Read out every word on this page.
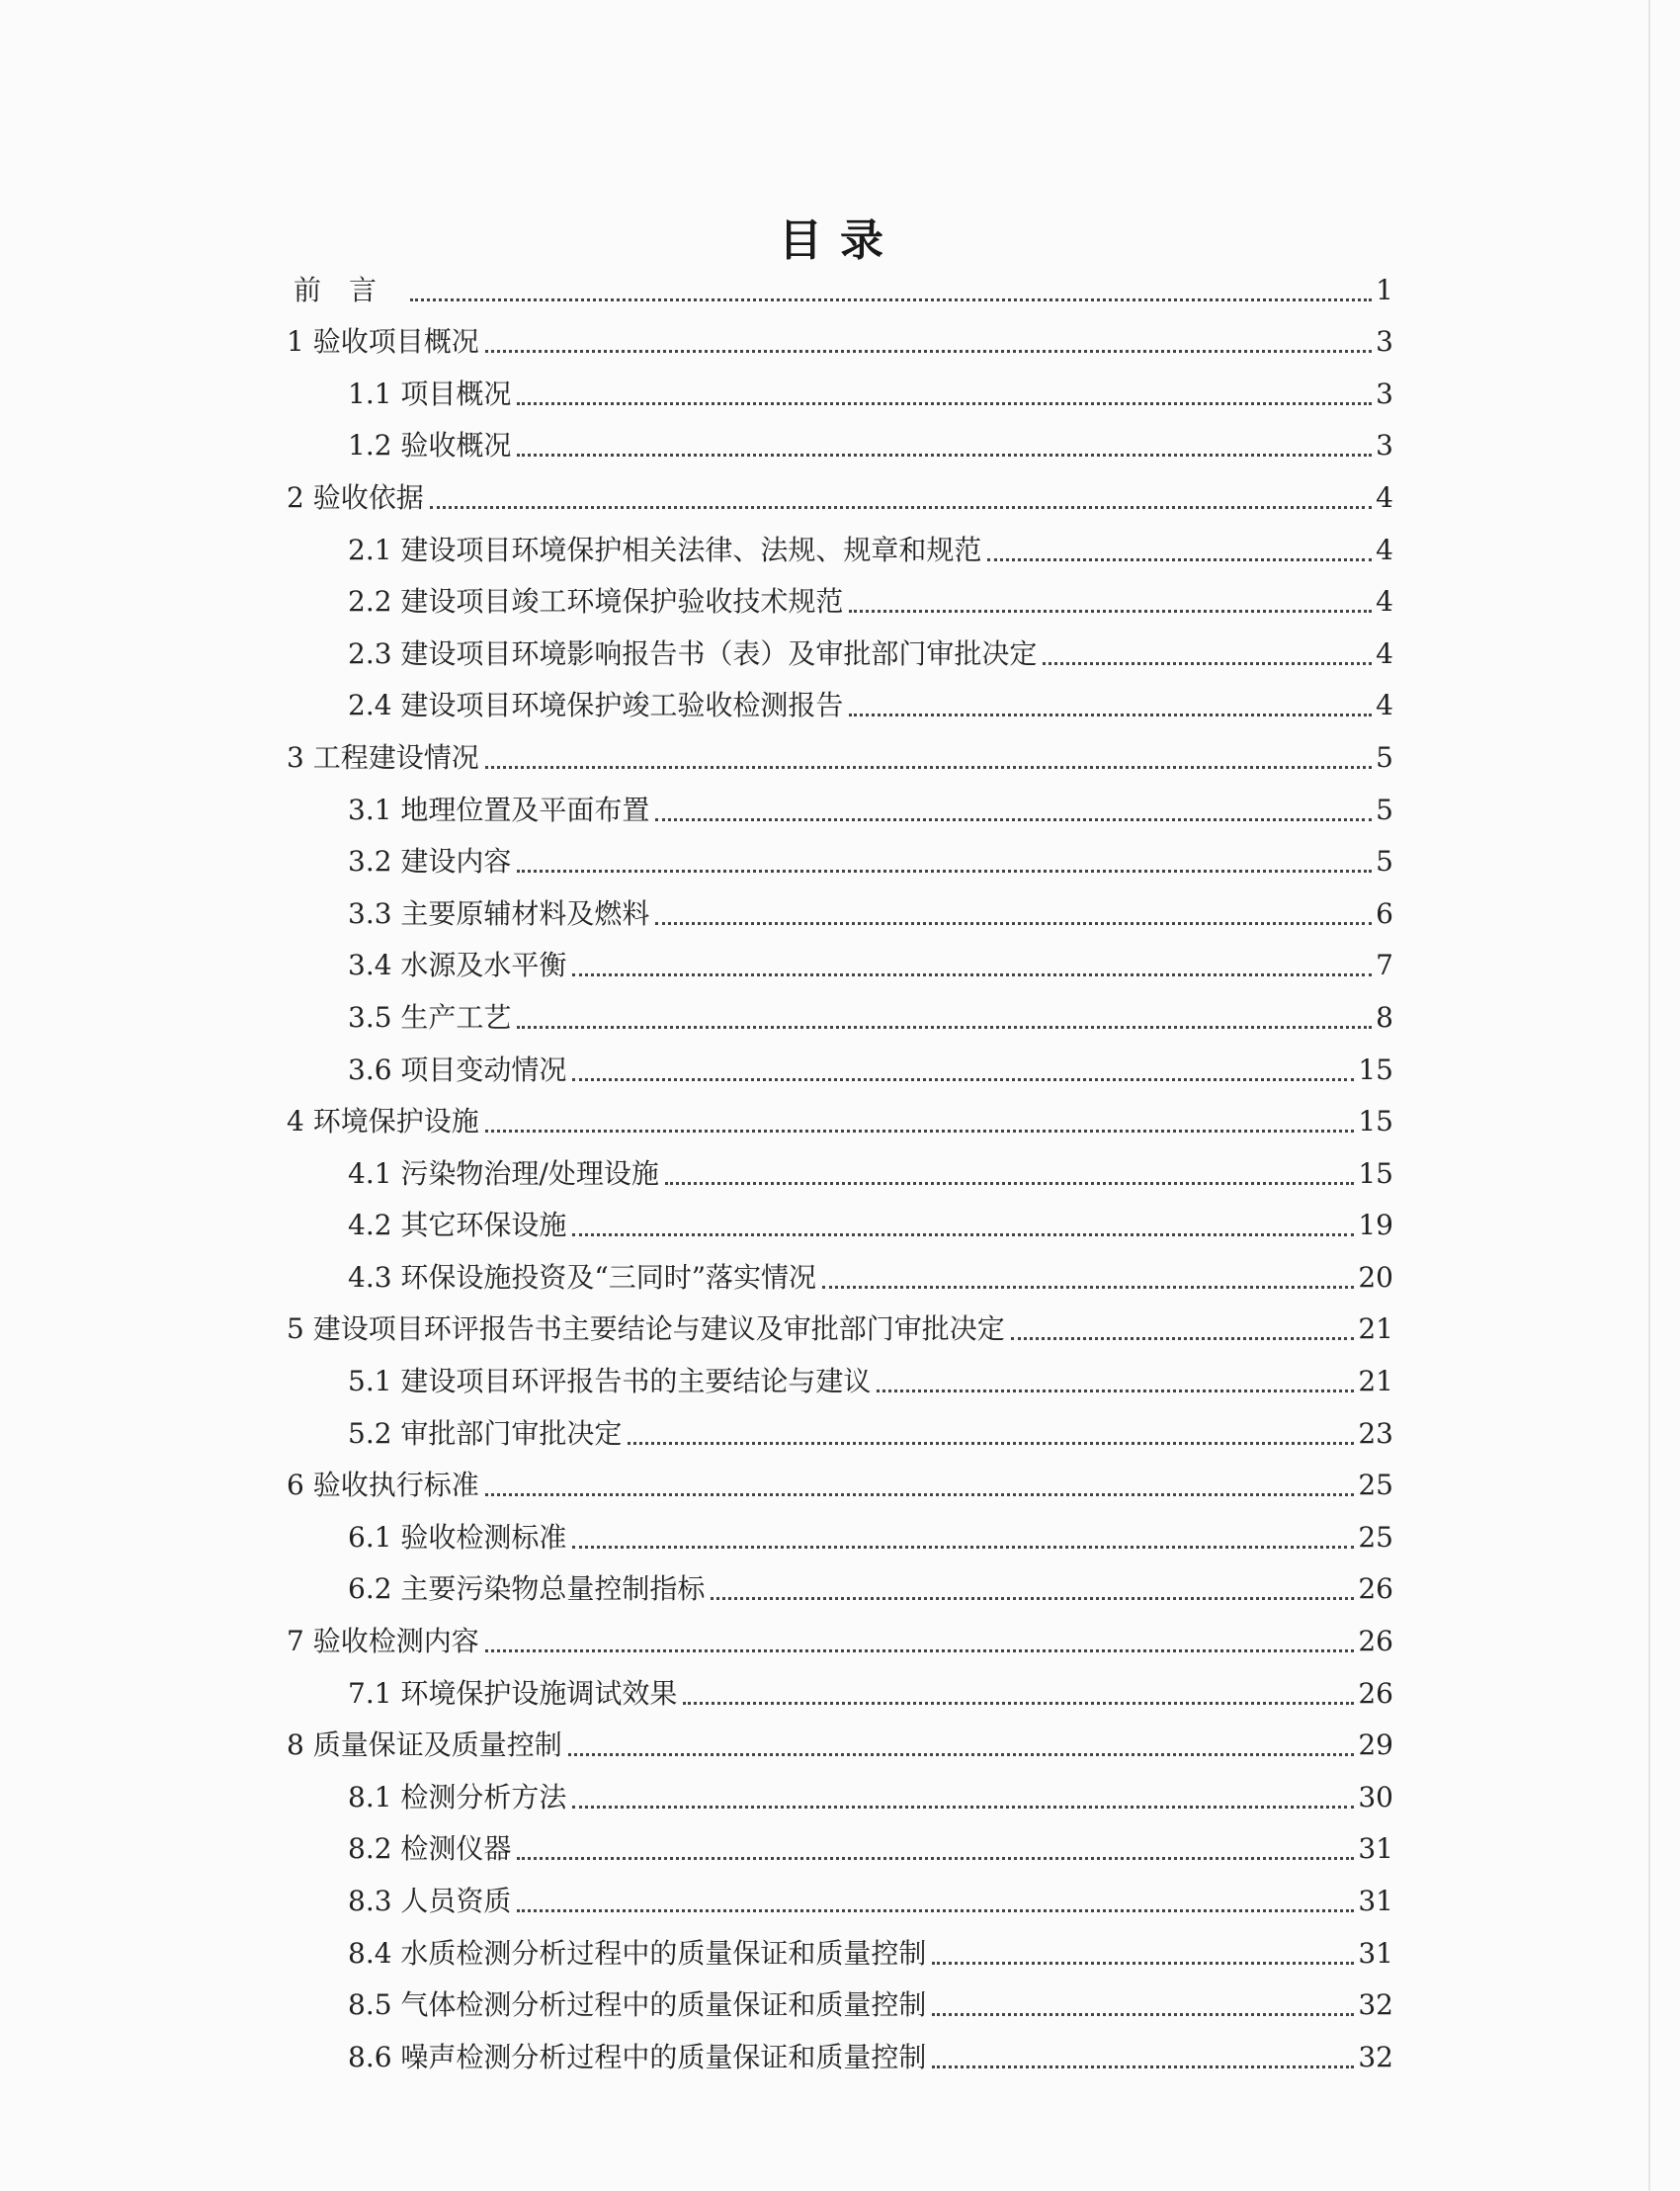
目录
前言	1
1 验收项目概况	3
1.1 项目概况	3
1.2 验收概况	3
2 验收依据	4
2.1 建设项目环境保护相关法律、法规、规章和规范	4
2.2 建设项目竣工环境保护验收技术规范	4
2.3 建设项目环境影响报告书（表）及审批部门审批决定	4
2.4 建设项目环境保护竣工验收检测报告	4
3 工程建设情况	5
3.1 地理位置及平面布置	5
3.2 建设内容	5
3.3 主要原辅材料及燃料	6
3.4 水源及水平衡	7
3.5 生产工艺	8
3.6 项目变动情况	15
4 环境保护设施	15
4.1 污染物治理/处理设施	15
4.2 其它环保设施	19
4.3 环保设施投资及“三同时”落实情况	20
5 建设项目环评报告书主要结论与建议及审批部门审批决定	21
5.1 建设项目环评报告书的主要结论与建议	21
5.2 审批部门审批决定	23
6 验收执行标准	25
6.1 验收检测标准	25
6.2 主要污染物总量控制指标	26
7 验收检测内容	26
7.1 环境保护设施调试效果	26
8 质量保证及质量控制	29
8.1 检测分析方法	30
8.2 检测仪器	31
8.3 人员资质	31
8.4 水质检测分析过程中的质量保证和质量控制	31
8.5 气体检测分析过程中的质量保证和质量控制	32
8.6 噪声检测分析过程中的质量保证和质量控制	32
